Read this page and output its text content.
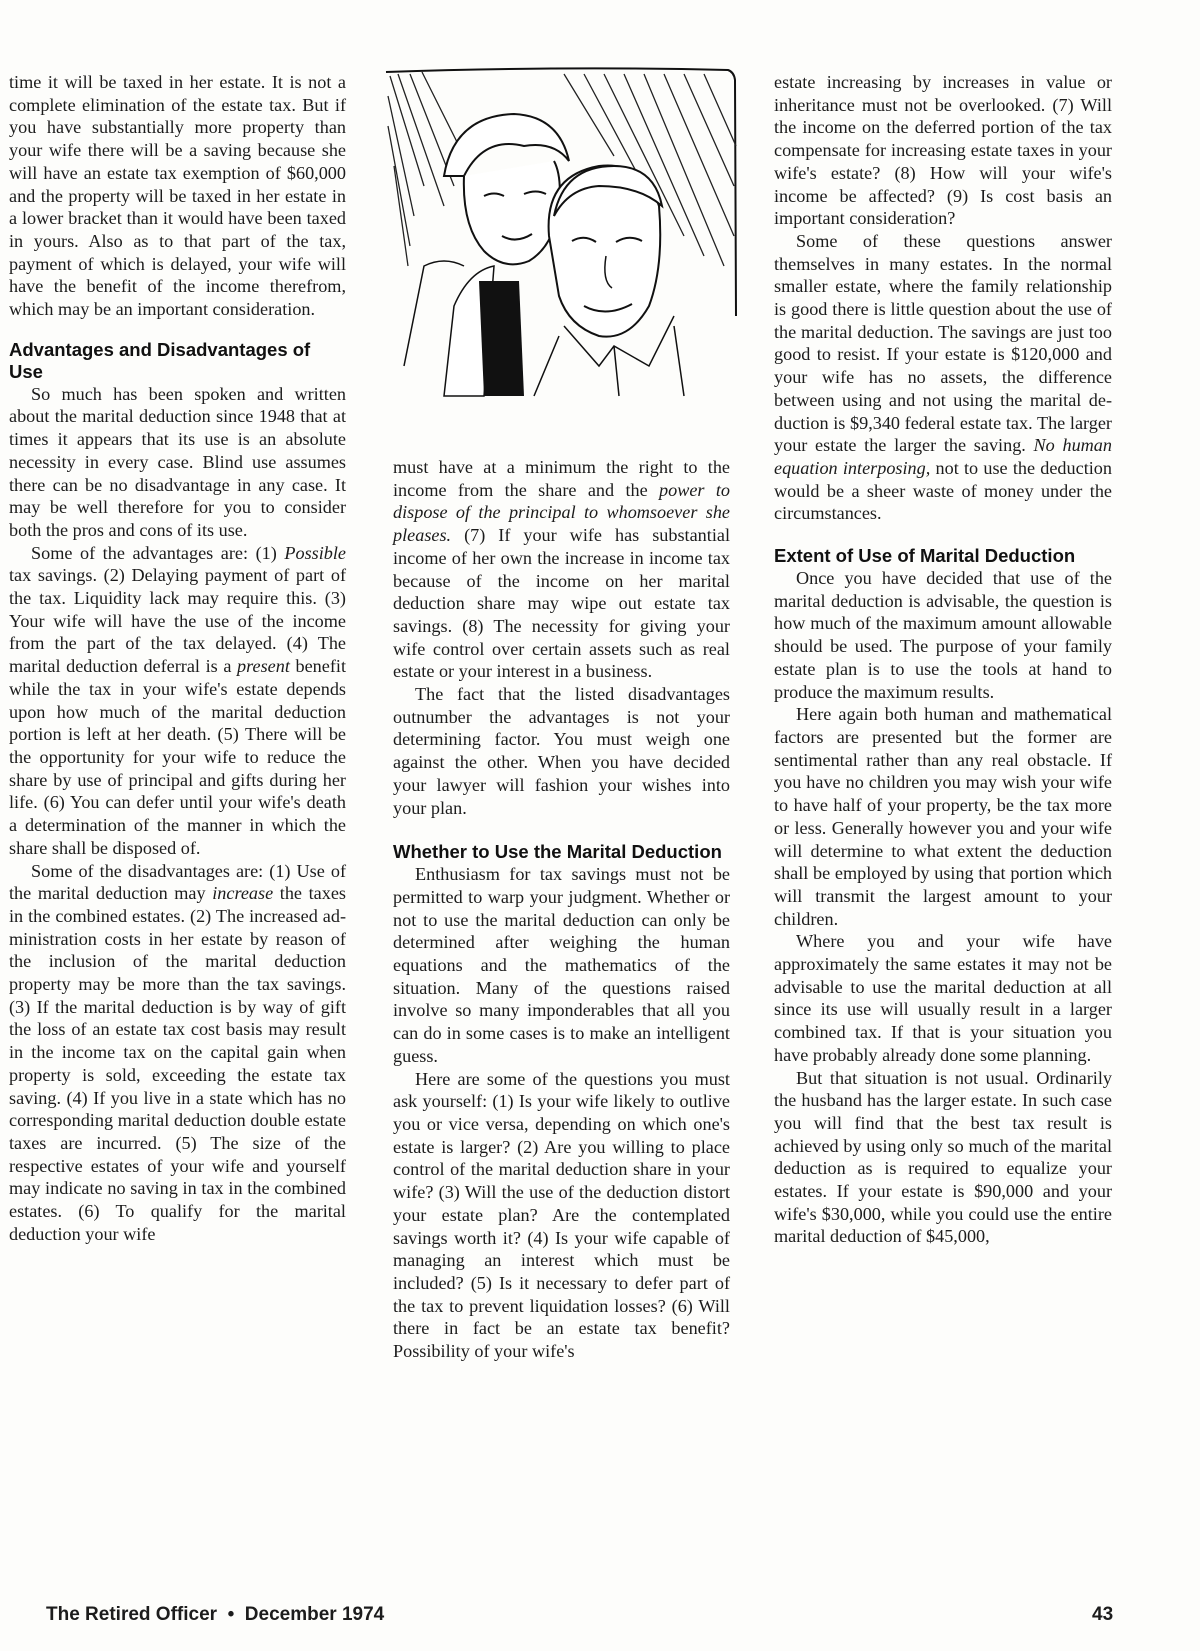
time it will be taxed in her estate. It is not a complete elimination of the estate tax. But if you have substantially more property than your wife there will be a saving because she will have an estate tax exemption of $60,000 and the property will be taxed in her estate in a lower bracket than it would have been taxed in yours. Also as to that part of the tax, payment of which is delayed, your wife will have the benefit of the income therefrom, which may be an important consideration.

Advantages and Disadvantages of Use

So much has been spoken and written about the marital deduction since 1948 that at times it appears that its use is an absolute necessity in every case. Blind use assumes there can be no disadvantage in any case. It may be well therefore for you to consider both the pros and cons of its use.

Some of the advantages are: (1) Possible tax savings. (2) Delaying payment of part of the tax. Liquidity lack may require this. (3) Your wife will have the use of the income from the part of the tax delayed. (4) The marital deduction deferral is a present benefit while the tax in your wife's estate depends upon how much of the marital deduction portion is left at her death. (5) There will be the opportunity for your wife to reduce the share by use of principal and gifts during her life. (6) You can defer until your wife's death a determination of the manner in which the share shall be disposed of.

Some of the disadvantages are: (1) Use of the marital deduction may increase the taxes in the combined estates. (2) The increased administration costs in her estate by reason of the inclusion of the marital deduction property may be more than the tax savings. (3) If the marital deduction is by way of gift the loss of an estate tax cost basis may result in the income tax on the capital gain when property is sold, exceeding the estate tax saving. (4) If you live in a state which has no corresponding marital deduction double estate taxes are incurred. (5) The size of the respective estates of your wife and yourself may indicate no saving in tax in the combined estates. (6) To qualify for the marital deduction your wife

must have at a minimum the right to the income from the share and the power to dispose of the principal to whomsoever she pleases. (7) If your wife has substantial income of her own the increase in income tax because of the income on her marital deduction share may wipe out estate tax savings. (8) The necessity for giving your wife control over certain assets such as real estate or your interest in a business.

The fact that the listed disadvantages outnumber the advantages is not your determining factor. You must weigh one against the other. When you have decided your lawyer will fashion your wishes into your plan.

Whether to Use the Marital Deduction

Enthusiasm for tax savings must not be permitted to warp your judgment. Whether or not to use the marital deduction can only be determined after weighing the human equations and the mathematics of the situation. Many of the questions raised involve so many imponderables that all you can do in some cases is to make an intelligent guess.

Here are some of the questions you must ask yourself: (1) Is your wife likely to outlive you or vice versa, depending on which one's estate is larger? (2) Are you willing to place control of the marital deduction share in your wife? (3) Will the use of the deduction distort your estate plan? Are the contemplated savings worth it? (4) Is your wife capable of managing an interest which must be included? (5) Is it necessary to defer part of the tax to prevent liquidation losses? (6) Will there in fact be an estate tax benefit? Possibility of your wife's

estate increasing by increases in value or inheritance must not be overlooked. (7) Will the income on the deferred portion of the tax compensate for increasing estate taxes in your wife's estate? (8) How will your wife's income be affected? (9) Is cost basis an important consideration?

Some of these questions answer themselves in many estates. In the normal smaller estate, where the family relationship is good there is little question about the use of the marital deduction. The savings are just too good to resist. If your estate is $120,000 and your wife has no assets, the difference between using and not using the marital deduction is $9,340 federal estate tax. The larger your estate the larger the saving. No human equation interposing, not to use the deduction would be a sheer waste of money under the circumstances.

Extent of Use of Marital Deduction

Once you have decided that use of the marital deduction is advisable, the question is how much of the maximum amount allowable should be used. The purpose of your family estate plan is to use the tools at hand to produce the maximum results.

Here again both human and mathematical factors are presented but the former are sentimental rather than any real obstacle. If you have no children you may wish your wife to have half of your property, be the tax more or less. Generally however you and your wife will determine to what extent the deduction shall be employed by using that portion which will transmit the largest amount to your children.

Where you and your wife have approximately the same estates it may not be advisable to use the marital deduction at all since its use will usually result in a larger combined tax. If that is your situation you have probably already done some planning.

But that situation is not usual. Ordinarily the husband has the larger estate. In such case you will find that the best tax result is achieved by using only so much of the marital deduction as is required to equalize your estates. If your estate is $90,000 and your wife's $30,000, while you could use the entire marital deduction of $45,000,

The Retired Officer  •  December 1974	43
